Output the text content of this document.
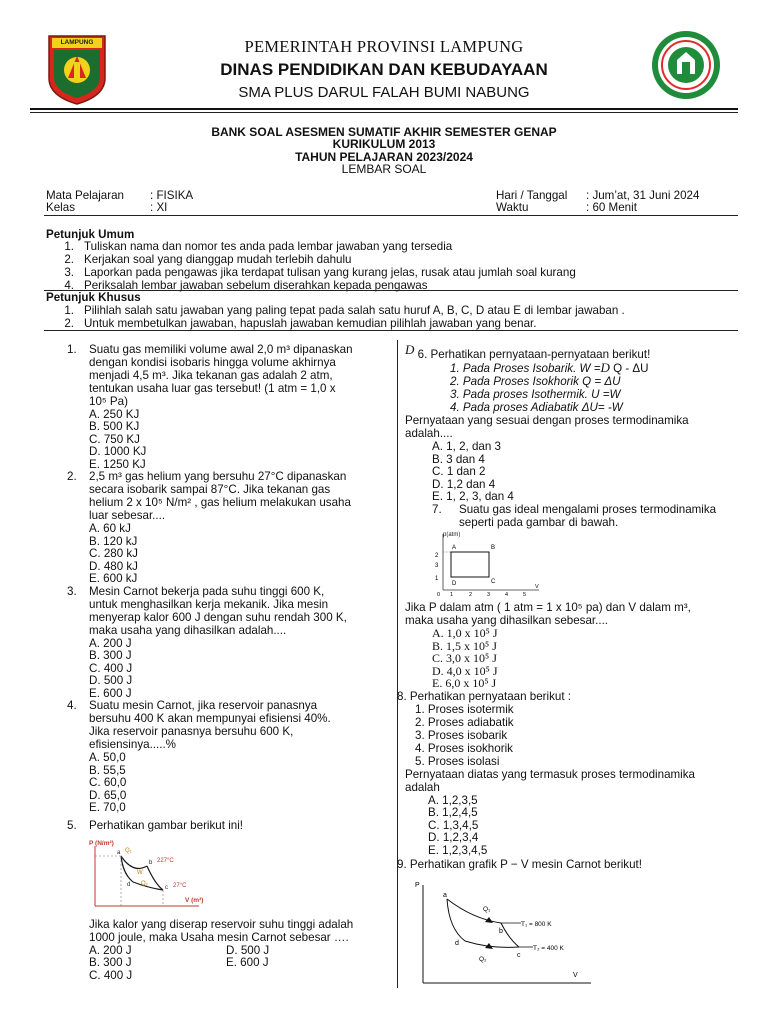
LAMPUNG	PEMERINTAH PROVINSI LAMPUNG
DINAS PENDIDIKAN DAN KEBUDAYAAN
SMA PLUS DARUL FALAH BUMI NABUNG
BANK SOAL ASESMEN SUMATIF AKHIR SEMESTER GENAP
KURIKULUM 2013
TAHUN PELAJARAN 2023/2024
LEMBAR SOAL
Mata Pelajaran : FISIKA
Kelas	: XI
Hari / Tanggal : Jum’at, 31 Juni 2024
Waktu	: 60 Menit
Petunjuk Umum
1. Tuliskan nama dan nomor tes anda pada lembar jawaban yang tersedia
2. Kerjakan soal yang dianggap mudah terlebih dahulu
3. Laporkan pada pengawas jika terdapat tulisan yang kurang jelas, rusak atau jumlah soal kurang
4. Periksalah lembar jawaban sebelum diserahkan kepada pengawas
Petunjuk Khusus
1. Pilihlah salah satu jawaban yang paling tepat pada salah satu huruf A, B, C, D atau E di lembar jawaban .
2. Untuk membetulkan jawaban, hapuslah jawaban kemudian pilihlah jawaban yang benar.
1.	Suatu gas memiliki volume awal 2,0 m³ dipanaskan
dengan kondisi isobaris hingga volume akhirnya
menjadi 4,5 m³. Jika tekanan gas adalah 2 atm,
tentukan usaha luar gas tersebut! (1 atm = 1,0 x
10⁵ Pa)
A. 250 KJ
B. 500 KJ
C. 750 KJ
D. 1000 KJ
E. 1250 KJ
2.	2,5 m³ gas helium yang bersuhu 27°C dipanaskan
secara isobarik sampai 87°C. Jika tekanan gas
helium 2 x 10⁵ N/m² , gas helium melakukan usaha
luar sebesar....
A. 60 kJ
B. 120 kJ
C. 280 kJ
D. 480 kJ
E. 600 kJ
3.	Mesin Carnot bekerja pada suhu tinggi 600 K,
untuk menghasilkan kerja mekanik. Jika mesin
menyerap kalor 600 J dengan suhu rendah 300 K,
maka usaha yang dihasilkan adalah....
A. 200 J
B. 300 J
C. 400 J
D. 500 J
E. 600 J
4.	Suatu mesin Carnot, jika reservoir panasnya
bersuhu 400 K akan mempunyai efisiensi 40%.
Jika reservoir panasnya bersuhu 600 K,
efisiensinya.....%
A. 50,0
B. 55,5
C. 60,0
D. 65,0
E. 70,0
5.	Perhatikan gambar berikut ini!
P (N/m²)
V (m³)
a
b
c
d
Q₁
Q₂
W
227°C
27°C
Jika kalor yang diserap reservoir suhu tinggi adalah
1000 joule, maka Usaha mesin Carnot sebesar ….
A. 200 J
B. 300 J
C. 400 J
D. 500 J
E. 600 J
D 6. Perhatikan pernyataan-pernyataan berikut!
1. Pada Proses Isobarik. W =D Q - ΔU
2. Pada Proses Isokhorik Q = ΔU
3. Pada proses Isothermik. U =W
4. Pada proses Adiabatik ΔU= -W
Pernyataan yang sesuai dengan proses termodinamika
adalah....
A. 1, 2, dan 3
B. 3 dan 4
C. 1 dan 2
D. 1,2 dan 4
E. 1, 2, 3, dan 4
7.	Suatu gas ideal mengalami proses termodinamika
seperti pada gambar di bawah.
p(atm)
3
2
1
0 1	2	3	4	5
V
A	B
C
D
Jika P dalam atm ( 1 atm = 1 x 10⁵ pa) dan V dalam m³,
maka usaha yang dihasilkan sebesar....
A. 1,0 x 10⁵ J
B. 1,5 x 10⁵ J
C. 3,0 x 10⁵ J
D. 4,0 x 10⁵ J
E. 6,0 x 10⁵ J
8. Perhatikan pernyataan berikut :
1. Proses isotermik
2. Proses adiabatik
3. Proses isobarik
4. Proses isokhorik
5. Proses isolasi
Pernyataan diatas yang termasuk proses termodinamika
adalah
A. 1,2,3,5
B. 1,2,4,5
C. 1,3,4,5
D. 1,2,3,4
E. 1,2,3,4,5
9. Perhatikan grafik P − V mesin Carnot berikut!
P
V
a
b
c
d
Q₁
Q₂
T₁ = 800 K
T₂ = 400 K
